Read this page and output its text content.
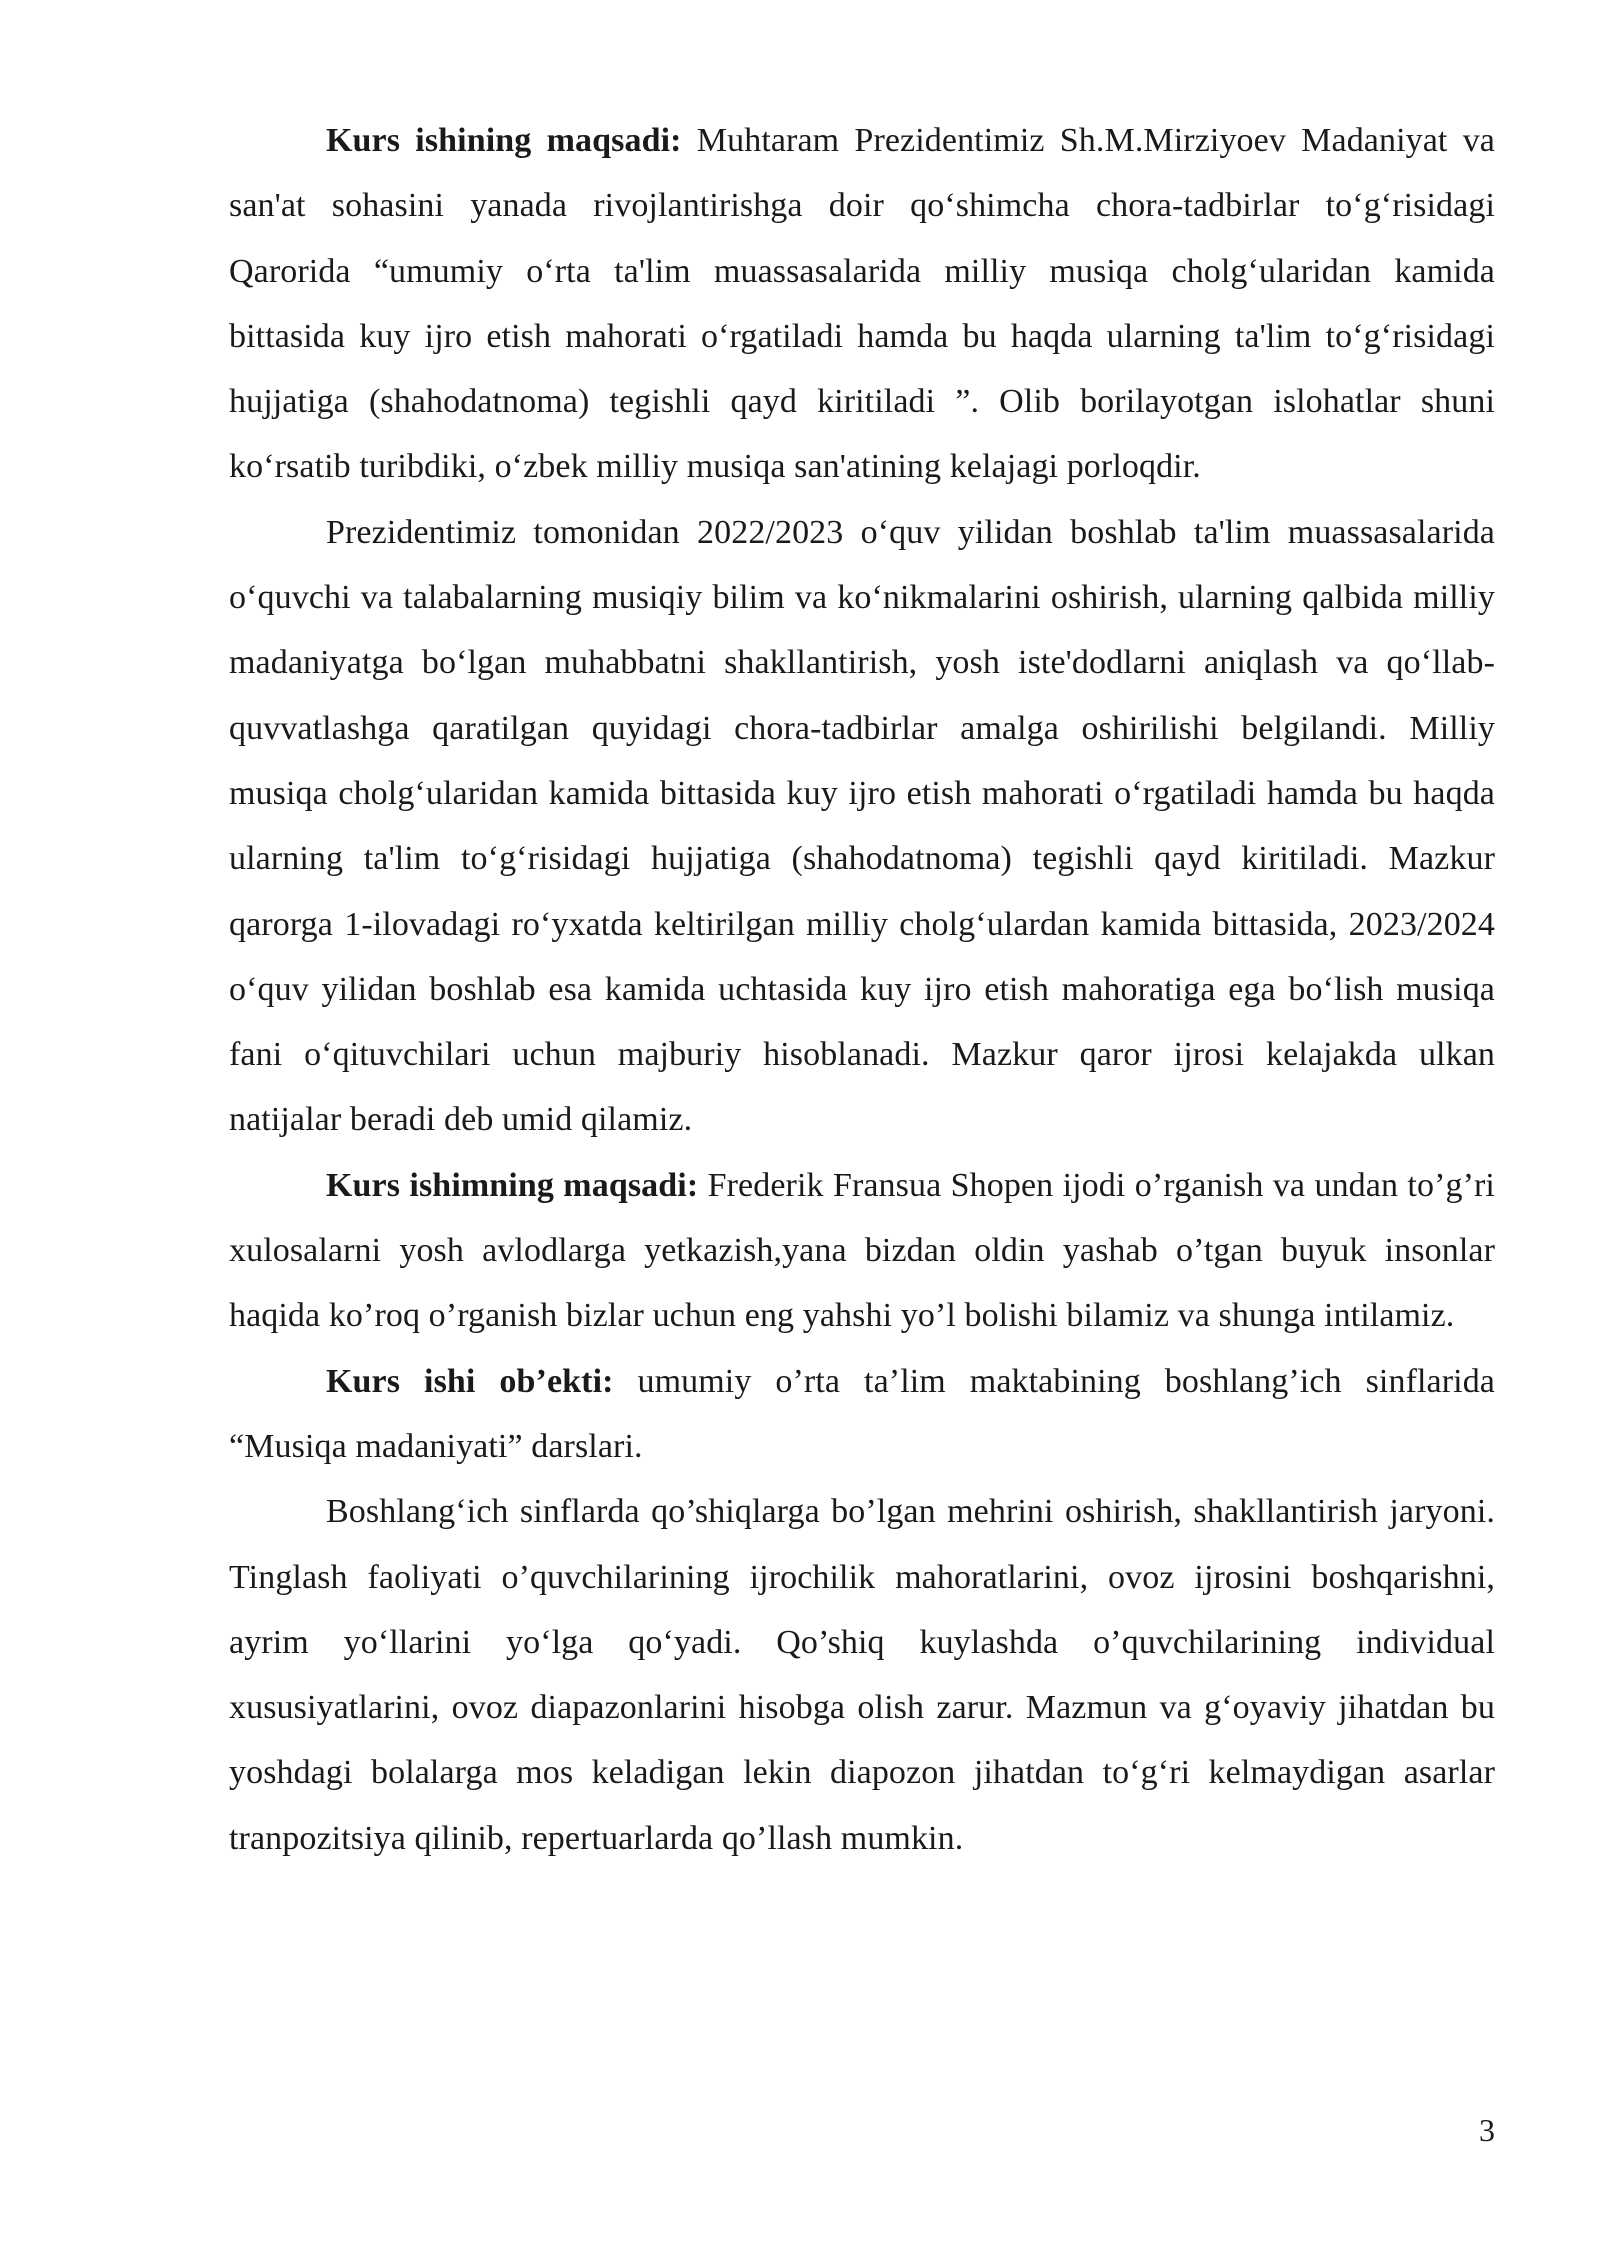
Kurs ishining maqsadi: Muhtaram Prezidentimiz Sh.M.Mirziyoev Madaniyat va san'at sohasini yanada rivojlantirishga doir qo‘shimcha chora-tadbirlar to‘g‘risidagi Qarorida “umumiy o‘rta ta'lim muassasalarida milliy musiqa cholg‘ularidan kamida bittasida kuy ijro etish mahorati o‘rgatiladi hamda bu haqda ularning ta'lim to‘g‘risidagi hujjatiga (shahodatnoma) tegishli qayd kiritiladi ”. Olib borilayotgan islohatlar shuni ko‘rsatib turibdiki, o‘zbek milliy musiqa san'atining kelajagi porloqdir.

Prezidentimiz tomonidan 2022/2023 o‘quv yilidan boshlab ta'lim muassasalarida o‘quvchi va talabalarning musiqiy bilim va ko‘nikmalarini oshirish, ularning qalbida milliy madaniyatga bo‘lgan muhabbatni shakllantirish, yosh iste'dodlarni aniqlash va qo‘llab-quvvatlashga qaratilgan quyidagi chora-tadbirlar amalga oshirilishi belgilandi. Milliy musiqa cholg‘ularidan kamida bittasida kuy ijro etish mahorati o‘rgatiladi hamda bu haqda ularning ta'lim to‘g‘risidagi hujjatiga (shahodatnoma) tegishli qayd kiritiladi. Mazkur qarorga 1-ilovadagi ro‘yxatda keltirilgan milliy cholg‘ulardan kamida bittasida, 2023/2024 o‘quv yilidan boshlab esa kamida uchtasida kuy ijro etish mahoratiga ega bo‘lish musiqa fani o‘qituvchilari uchun majburiy hisoblanadi. Mazkur qaror ijrosi kelajakda ulkan natijalar beradi deb umid qilamiz.

Kurs ishimning maqsadi: Frederik Fransua Shopen ijodi o’rganish va undan to’g’ri xulosalarni yosh avlodlarga yetkazish,yana bizdan oldin yashab o’tgan buyuk insonlar haqida ko’roq o’rganish bizlar uchun eng yahshi yo’l bolishi bilamiz va shunga intilamiz.

Kurs ishi ob’ekti: umumiy o’rta ta’lim maktabining boshlang’ich sinflarida “Musiqa madaniyati” darslari.

Boshlang‘ich sinflarda qo’shiqlarga bo’lgan mehrini oshirish, shakllantirish jaryoni. Tinglash faoliyati o’quvchilarining ijrochilik mahoratlarini, ovoz ijrosini boshqarishni, ayrim yo‘llarini yo‘lga qo‘yadi. Qo’shiq kuylashda o’quvchilarining individual xususiyatlarini, ovoz diapazonlarini hisobga olish zarur. Mazmun va g‘oyaviy jihatdan bu yoshdagi bolalarga mos keladigan lekin diapozon jihatdan to‘g‘ri kelmaydigan asarlar tranpozitsiya qilinib, repertuarlarda qo’llash mumkin.

3
